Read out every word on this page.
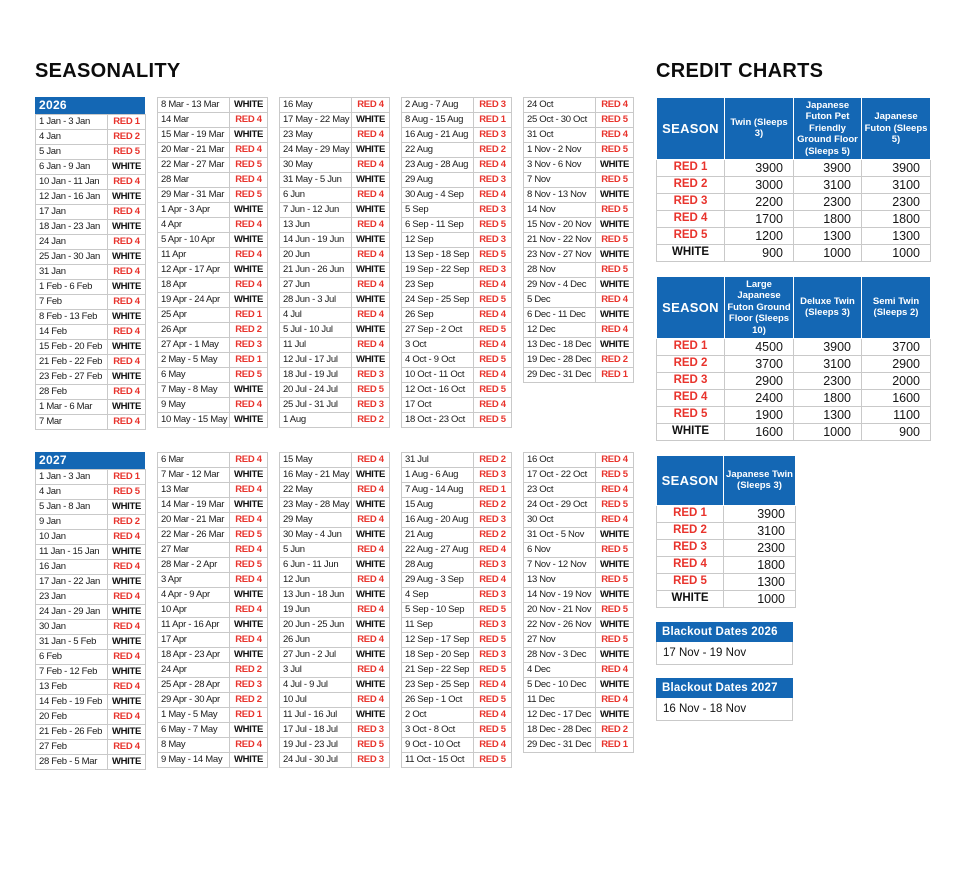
SEASONALITY
2026
1 Jan - 3 Jan	RED 1
4 Jan	RED 2
5 Jan	RED 5
6 Jan - 9 Jan	WHITE
10 Jan - 11 Jan	RED 4
12 Jan - 16 Jan	WHITE
17 Jan	RED 4
18 Jan - 23 Jan	WHITE
24 Jan	RED 4
25 Jan - 30 Jan	WHITE
31 Jan	RED 4
1 Feb - 6 Feb	WHITE
7 Feb	RED 4
8 Feb - 13 Feb	WHITE
14 Feb	RED 4
15 Feb - 20 Feb	WHITE
21 Feb - 22 Feb	RED 4
23 Feb - 27 Feb	WHITE
28 Feb	RED 4
1 Mar - 6 Mar	WHITE
7 Mar	RED 4
8 Mar - 13 Mar	WHITE
14 Mar	RED 4
15 Mar - 19 Mar	WHITE
20 Mar - 21 Mar	RED 4
22 Mar - 27 Mar	RED 5
28 Mar	RED 4
29 Mar - 31 Mar	RED 5
1 Apr - 3 Apr	WHITE
4 Apr	RED 4
5 Apr - 10 Apr	WHITE
11 Apr	RED 4
12 Apr - 17 Apr	WHITE
18 Apr	RED 4
19 Apr - 24 Apr	WHITE
25 Apr	RED 1
26 Apr	RED 2
27 Apr - 1 May	RED 3
2 May - 5 May	RED 1
6 May	RED 5
7 May - 8 May	WHITE
9 May	RED 4
10 May - 15 May	WHITE
16 May	RED 4
17 May - 22 May	WHITE
23 May	RED 4
24 May - 29 May	WHITE
30 May	RED 4
31 May - 5 Jun	WHITE
6 Jun	RED 4
7 Jun - 12 Jun	WHITE
13 Jun	RED 4
14 Jun - 19 Jun	WHITE
20 Jun	RED 4
21 Jun - 26 Jun	WHITE
27 Jun	RED 4
28 Jun - 3 Jul	WHITE
4 Jul	RED 4
5 Jul - 10 Jul	WHITE
11 Jul	RED 4
12 Jul - 17 Jul	WHITE
18 Jul - 19 Jul	RED 3
20 Jul - 24 Jul	RED 5
25 Jul - 31 Jul	RED 3
1 Aug	RED 2
2 Aug - 7 Aug	RED 3
8 Aug - 15 Aug	RED 1
16 Aug - 21 Aug	RED 3
22 Aug	RED 2
23 Aug - 28 Aug	RED 4
29 Aug	RED 3
30 Aug - 4 Sep	RED 4
5 Sep	RED 3
6 Sep - 11 Sep	RED 5
12 Sep	RED 3
13 Sep - 18 Sep	RED 5
19 Sep - 22 Sep	RED 3
23 Sep	RED 4
24 Sep - 25 Sep	RED 5
26 Sep	RED 4
27 Sep - 2 Oct	RED 5
3 Oct	RED 4
4 Oct - 9 Oct	RED 5
10 Oct - 11 Oct	RED 4
12 Oct - 16 Oct	RED 5
17 Oct	RED 4
18 Oct - 23 Oct	RED 5
24 Oct	RED 4
25 Oct - 30 Oct	RED 5
31 Oct	RED 4
1 Nov - 2 Nov	RED 5
3 Nov - 6 Nov	WHITE
7 Nov	RED 5
8 Nov - 13 Nov	WHITE
14 Nov	RED 5
15 Nov - 20 Nov	WHITE
21 Nov - 22 Nov	RED 5
23 Nov - 27 Nov	WHITE
28 Nov	RED 5
29 Nov - 4 Dec	WHITE
5 Dec	RED 4
6 Dec - 11 Dec	WHITE
12 Dec	RED 4
13 Dec - 18 Dec	WHITE
19 Dec - 28 Dec	RED 2
29 Dec - 31 Dec	RED 1
2027
1 Jan - 3 Jan	RED 1
4 Jan	RED 5
5 Jan - 8 Jan	WHITE
9 Jan	RED 2
10 Jan	RED 4
11 Jan - 15 Jan	WHITE
16 Jan	RED 4
17 Jan - 22 Jan	WHITE
23 Jan	RED 4
24 Jan - 29 Jan	WHITE
30 Jan	RED 4
31 Jan - 5 Feb	WHITE
6 Feb	RED 4
7 Feb - 12 Feb	WHITE
13 Feb	RED 4
14 Feb - 19 Feb	WHITE
20 Feb	RED 4
21 Feb - 26 Feb	WHITE
27 Feb	RED 4
28 Feb - 5 Mar	WHITE
6 Mar	RED 4
7 Mar - 12 Mar	WHITE
13 Mar	RED 4
14 Mar - 19 Mar	WHITE
20 Mar - 21 Mar	RED 4
22 Mar - 26 Mar	RED 5
27 Mar	RED 4
28 Mar - 2 Apr	RED 5
3 Apr	RED 4
4 Apr - 9 Apr	WHITE
10 Apr	RED 4
11 Apr - 16 Apr	WHITE
17 Apr	RED 4
18 Apr - 23 Apr	WHITE
24 Apr	RED 2
25 Apr - 28 Apr	RED 3
29 Apr - 30 Apr	RED 2
1 May - 5 May	RED 1
6 May - 7 May	WHITE
8 May	RED 4
9 May - 14 May	WHITE
15 May	RED 4
16 May - 21 May	WHITE
22 May	RED 4
23 May - 28 May	WHITE
29 May	RED 4
30 May - 4 Jun	WHITE
5 Jun	RED 4
6 Jun - 11 Jun	WHITE
12 Jun	RED 4
13 Jun - 18 Jun	WHITE
19 Jun	RED 4
20 Jun - 25 Jun	WHITE
26 Jun	RED 4
27 Jun - 2 Jul	WHITE
3 Jul	RED 4
4 Jul - 9 Jul	WHITE
10 Jul	RED 4
11 Jul - 16 Jul	WHITE
17 Jul - 18 Jul	RED 3
19 Jul - 23 Jul	RED 5
24 Jul - 30 Jul	RED 3
31 Jul	RED 2
1 Aug - 6 Aug	RED 3
7 Aug - 14 Aug	RED 1
15 Aug	RED 2
16 Aug - 20 Aug	RED 3
21 Aug	RED 2
22 Aug - 27 Aug	RED 4
28 Aug	RED 3
29 Aug - 3 Sep	RED 4
4 Sep	RED 3
5 Sep - 10 Sep	RED 5
11 Sep	RED 3
12 Sep - 17 Sep	RED 5
18 Sep - 20 Sep	RED 3
21 Sep - 22 Sep	RED 5
23 Sep - 25 Sep	RED 4
26 Sep - 1 Oct	RED 5
2 Oct	RED 4
3 Oct - 8 Oct	RED 5
9 Oct - 10 Oct	RED 4
11 Oct - 15 Oct	RED 5
16 Oct	RED 4
17 Oct - 22 Oct	RED 5
23 Oct	RED 4
24 Oct - 29 Oct	RED 5
30 Oct	RED 4
31 Oct - 5 Nov	WHITE
6 Nov	RED 5
7 Nov - 12 Nov	WHITE
13 Nov	RED 5
14 Nov - 19 Nov	WHITE
20 Nov - 21 Nov	RED 5
22 Nov - 26 Nov	WHITE
27 Nov	RED 5
28 Nov - 3 Dec	WHITE
4 Dec	RED 4
5 Dec - 10 Dec	WHITE
11 Dec	RED 4
12 Dec - 17 Dec	WHITE
18 Dec - 28 Dec	RED 2
29 Dec - 31 Dec	RED 1
CREDIT CHARTS
SEASON	Twin (Sleeps 3)	Japanese Futon Pet Friendly Ground Floor (Sleeps 5)	Japanese Futon (Sleeps 5)
RED 1	3900	3900	3900
RED 2	3000	3100	3100
RED 3	2200	2300	2300
RED 4	1700	1800	1800
RED 5	1200	1300	1300
WHITE	900	1000	1000
SEASON	Large Japanese Futon Ground Floor (Sleeps 10)	Deluxe Twin (Sleeps 3)	Semi Twin (Sleeps 2)
RED 1	4500	3900	3700
RED 2	3700	3100	2900
RED 3	2900	2300	2000
RED 4	2400	1800	1600
RED 5	1900	1300	1100
WHITE	1600	1000	900
SEASON	Japanese Twin (Sleeps 3)
RED 1	3900
RED 2	3100
RED 3	2300
RED 4	1800
RED 5	1300
WHITE	1000
Blackout Dates 2026
17 Nov - 19 Nov
Blackout Dates 2027
16 Nov - 18 Nov
